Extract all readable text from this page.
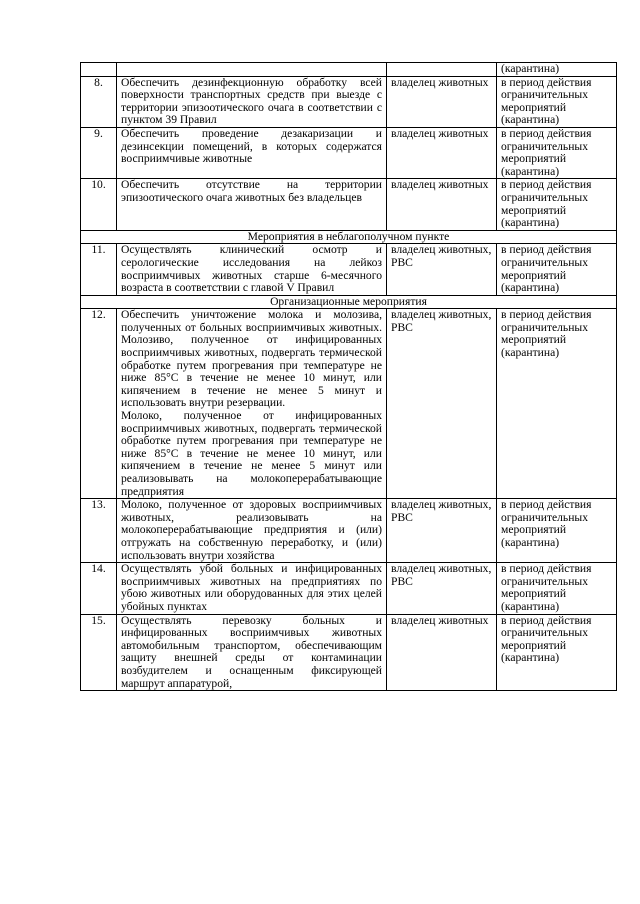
			(карантина)
8.	Обеспечить дезинфекционную обработку всей поверхности транспортных средств при выезде с территории эпизоотического очага в соответствии с пунктом 39 Правил	владелец животных	в период действия ограничительных мероприятий (карантина)
9.	Обеспечить проведение дезакаризации и дезинсекции помещений, в которых содержатся восприимчивые животные	владелец животных	в период действия ограничительных мероприятий (карантина)
10.	Обеспечить отсутствие на территории эпизоотического очага животных без владельцев	владелец животных	в период действия ограничительных мероприятий (карантина)
Мероприятия в неблагополучном пункте			
11.	Осуществлять клинический осмотр и серологические исследования на лейкоз восприимчивых животных старше 6-месячного возраста в соответствии с главой V Правил	владелец животных, РВС	в период действия ограничительных мероприятий (карантина)
Организационные мероприятия			
12.	Обеспечить уничтожение молока и молозива, полученных от больных восприимчивых животных. Молозиво, полученное от инфицированных восприимчивых животных, подвергать термической обработке путем прогревания при температуре не ниже 85°С в течение не менее 10 минут, или кипячением в течение не менее 5 минут и использовать внутри резервации.
Молоко, полученное от инфицированных восприимчивых животных, подвергать термической обработке путем прогревания при температуре не ниже 85°С в течение не менее 10 минут, или кипячением в течение не менее 5 минут или реализовывать на молокоперерабатывающие предприятия	владелец животных, РВС	в период действия ограничительных мероприятий (карантина)
13.	Молоко, полученное от здоровых восприимчивых животных, реализовывать на молокоперерабатывающие предприятия и (или) отгружать на собственную переработку, и (или) использовать внутри хозяйства	владелец животных, РВС	в период действия ограничительных мероприятий (карантина)
14.	Осуществлять убой больных и инфицированных восприимчивых животных на предприятиях по убою животных или оборудованных для этих целей убойных пунктах	владелец животных, РВС	в период действия ограничительных мероприятий (карантина)
15.	Осуществлять перевозку больных и инфицированных восприимчивых животных автомобильным транспортом, обеспечивающим защиту внешней среды от контаминации возбудителем и оснащенным фиксирующей маршрут аппаратурой,	владелец животных	в период действия ограничительных мероприятий (карантина)
